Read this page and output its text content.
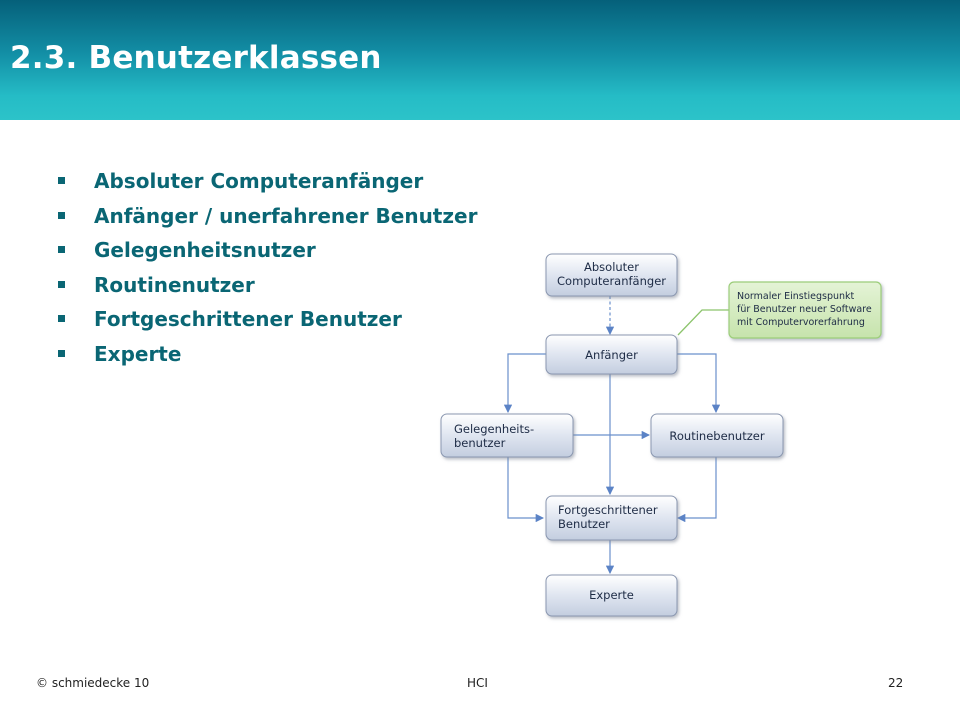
2.3. Benutzerklassen
Absoluter Computeranfänger
Anfänger / unerfahrener Benutzer
Gelegenheitsnutzer
Routinenutzer
Fortgeschrittener Benutzer
Experte
Absoluter
Computeranfänger
Anfänger
Gelegenheits-
benutzer	Routinebenutzer
Fortgeschrittener
Benutzer
Experte
Normaler Einstiegspunkt
für Benutzer neuer Software
mit Computervorerfahrung
© schmiedecke 10	HCI	22
